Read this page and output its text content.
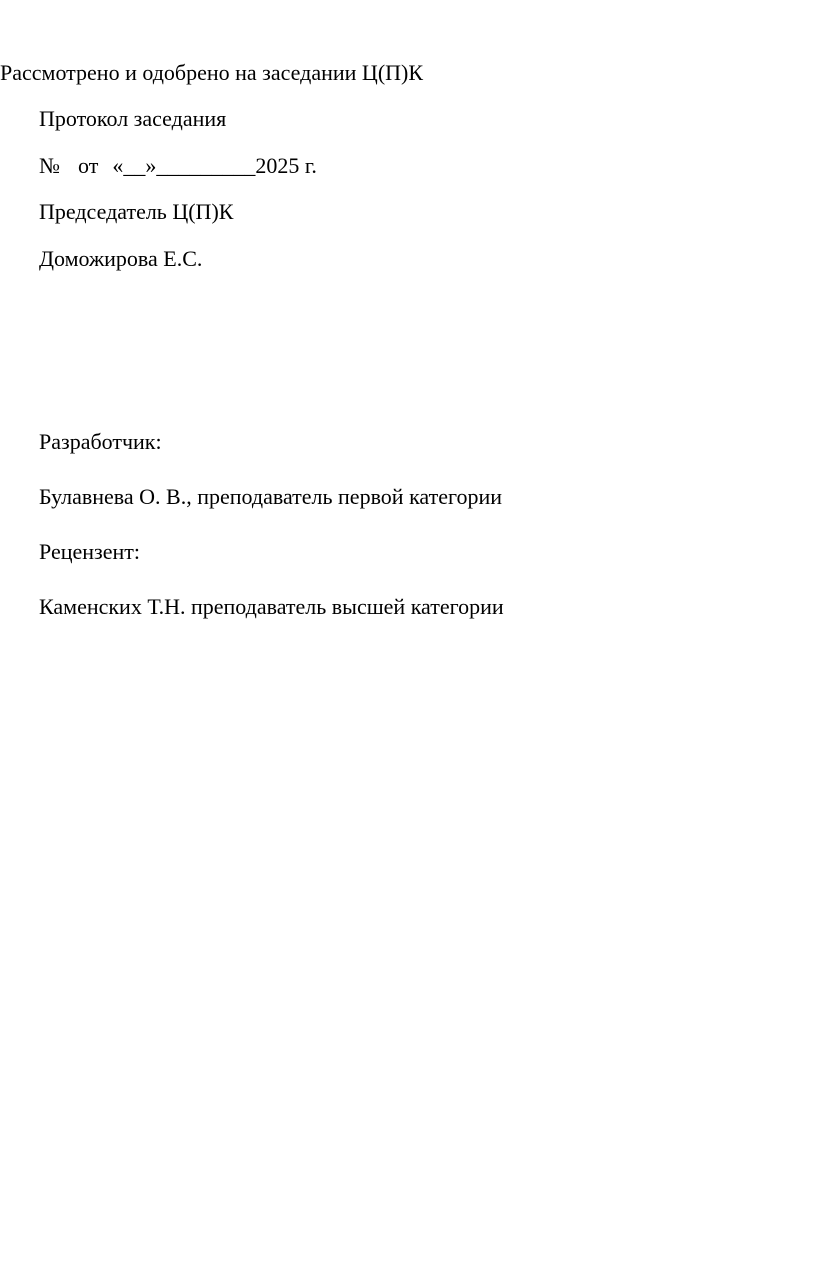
Рассмотрено и одобрено на заседании Ц(П)К
Протокол заседания
№ от «__»_________2025 г.
Председатель Ц(П)К
Доможирова Е.С.
Разработчик:
Булавнева О. В., преподаватель первой категории
Рецензент:
Каменских Т.Н. преподаватель высшей категории
